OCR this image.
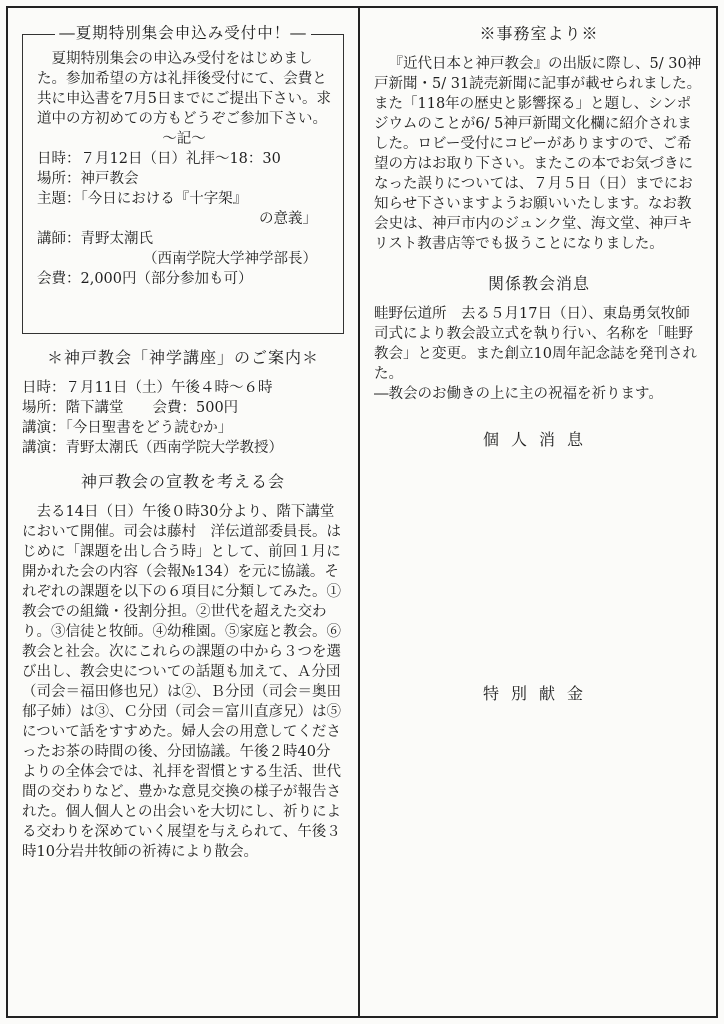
―夏期特別集会申込み受付中！―

夏期特別集会の申込み受付をはじめました。参加希望の方は礼拝後受付にて、会費と共に申込書を7月5日までにご提出下さい。求道中の方初めての方もどうぞご参加下さい。

〜記〜

日時：７月12日（日）礼拝〜18：30

場所：神戸教会

主題：「今日における『十字架』

の意義」

講師：青野太潮氏

（西南学院大学神学部長）

会費：2,000円（部分参加も可）

＊神戸教会「神学講座」のご案内＊

日時：７月11日（土）午後４時〜６時

場所：階下講堂　　会費：500円

講演：「今日聖書をどう読むか」

講演：青野太潮氏（西南学院大学教授）

神戸教会の宣教を考える会

去る14日（日）午後０時30分より、階下講堂において開催。司会は藤村　洋伝道部委員長。はじめに「課題を出し合う時」として、前回１月に開かれた会の内容（会報№134）を元に協議。それぞれの課題を以下の６項目に分類してみた。①教会での組織・役割分担。②世代を超えた交わり。③信徒と牧師。④幼稚園。⑤家庭と教会。⑥教会と社会。次にこれらの課題の中から３つを選び出し、教会史についての話題も加えて、Ａ分団（司会＝福田修也兄）は②、Ｂ分団（司会＝奥田郁子姉）は③、Ｃ分団（司会＝富川直彦兄）は⑤について話をすすめた。婦人会の用意してくださったお茶の時間の後、分団協議。午後２時40分よりの全体会では、礼拝を習慣とする生活、世代間の交わりなど、豊かな意見交換の様子が報告された。個人個人との出会いを大切にし、祈りによる交わりを深めていく展望を与えられて、午後３時10分岩井牧師の祈祷により散会。

※事務室より※

『近代日本と神戸教会』の出版に際し、5/ 30神戸新聞・5/ 31読売新聞に記事が載せられました。また「118年の歴史と影響探る」と題し、シンポジウムのことが6/ 5神戸新聞文化欄に紹介されました。ロビー受付にコピーがありますので、ご希望の方はお取り下さい。またこの本でお気づきになった誤りについては、７月５日（日）までにお知らせ下さいますようお願いいたします。なお教会史は、神戸市内のジュンク堂、海文堂、神戸キリスト教書店等でも扱うことになりました。

関係教会消息

畦野伝道所　去る５月17日（日）、東島勇気牧師司式により教会設立式を執り行い、名称を「畦野教会」と変更。また創立10周年記念誌を発刊された。

―教会のお働きの上に主の祝福を祈ります。

個人消息
特別献金
